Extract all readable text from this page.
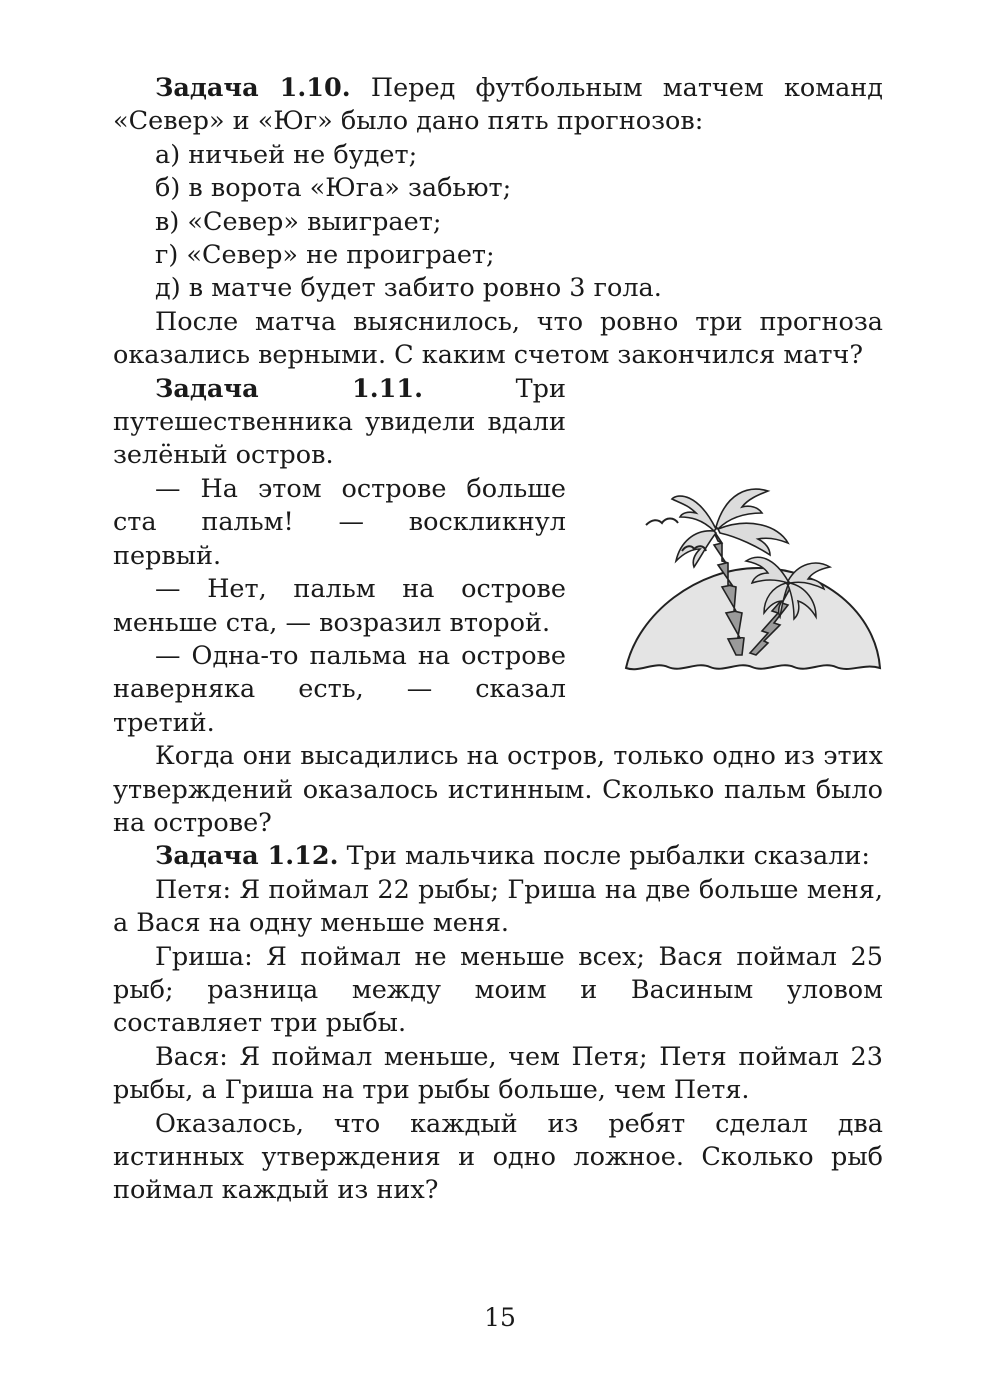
Задача 1.10. Перед футбольным матчем команд «Север» и «Юг» было дано пять прогнозов:

а) ничьей не будет;

б) в ворота «Юга» забьют;

в) «Север» выиграет;

г) «Север» не проиграет;

д) в матче будет забито ровно 3 гола.

После матча выяснилось, что ровно три прогноза оказались верными. С каким счетом закончился матч?

Задача 1.11. Три путешественника увидели вдали зелёный остров.

— На этом острове больше ста пальм! — воскликнул первый.

— Нет, пальм на острове меньше ста, — возразил второй.

— Одна-то пальма на острове наверняка есть, — сказал третий.

Когда они высадились на остров, только одно из этих утверждений оказалось истинным. Сколько пальм было на острове?

Задача 1.12. Три мальчика после рыбалки сказали:

Петя: Я поймал 22 рыбы; Гриша на две больше меня, а Вася на одну меньше меня.

Гриша: Я поймал не меньше всех; Вася поймал 25 рыб; разница между моим и Васиным уловом составляет три рыбы.

Вася: Я поймал меньше, чем Петя; Петя поймал 23 рыбы, а Гриша на три рыбы больше, чем Петя.

Оказалось, что каждый из ребят сделал два истинных утверждения и одно ложное. Сколько рыб поймал каждый из них?

15
